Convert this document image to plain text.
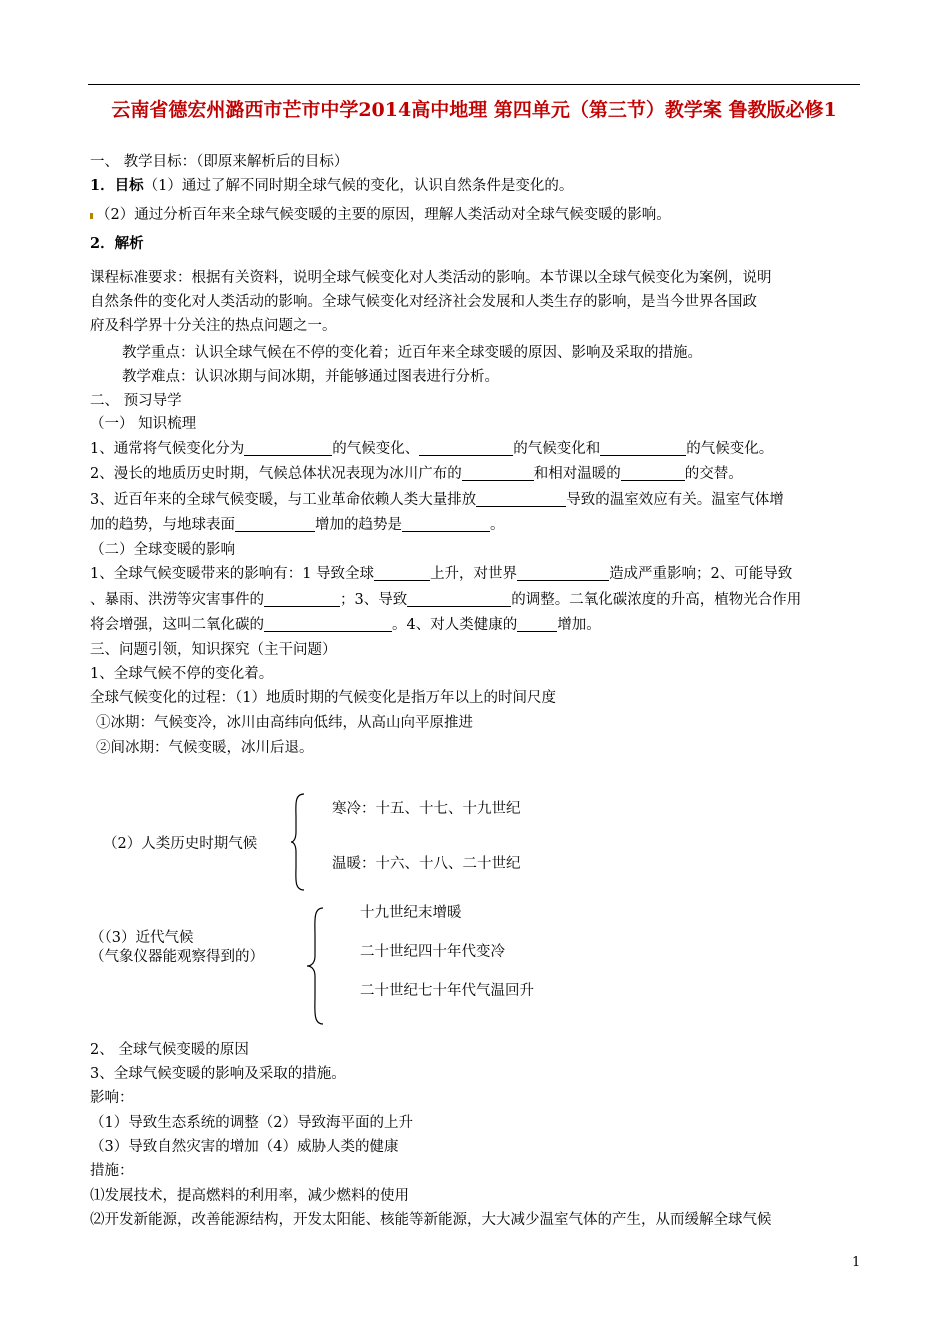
云南省德宏州潞西市芒市中学2014高中地理 第四单元（第三节）教学案 鲁教版必修1
一、 教学目标：（即原来解析后的目标）
1．目标（1）通过了解不同时期全球气候的变化，认识自然条件是变化的。
（2）通过分析百年来全球气候变暖的主要的原因，理解人类活动对全球气候变暖的影响。
2．解析
课程标准要求：根据有关资料，说明全球气候变化对人类活动的影响。本节课以全球气候变化为案例，说明
自然条件的变化对人类活动的影响。全球气候变化对经济社会发展和人类生存的影响，是当今世界各国政
府及科学界十分关注的热点问题之一。
教学重点：认识全球气候在不停的变化着；近百年来全球变暖的原因、影响及采取的措施。
教学难点：认识冰期与间冰期，并能够通过图表进行分析。
二、 预习导学
（一） 知识梳理
1、通常将气候变化分为	的气候变化、	的气候变化和	的气候变化。
2、漫长的地质历史时期，气候总体状况表现为冰川广布的	和相对温暖的	的交替。
3、近百年来的全球气候变暖，与工业革命依赖人类大量排放	导致的温室效应有关。温室气体增
加的趋势，与地球表面	增加的趋势是	。
（二）全球变暖的影响
1、全球气候变暖带来的影响有：1 导致全球	上升，对世界	造成严重影响；2、可能导致
、暴雨、洪涝等灾害事件的	；3、导致	的调整。二氧化碳浓度的升高，植物光合作用
将会增强，这叫二氧化碳的	。4、对人类健康的	增加。
三、问题引领，知识探究（主干问题）
1、全球气候不停的变化着。
全球气候变化的过程：（1）地质时期的气候变化是指万年以上的时间尺度
①冰期：气候变冷，冰川由高纬向低纬，从高山向平原推进
②间冰期：气候变暖，冰川后退。
（2）人类历史时期气候
寒冷：十五、十七、十九世纪
温暖：十六、十八、二十世纪
（（3）近代气候
（气象仪器能观察得到的）
十九世纪末增暖
二十世纪四十年代变冷
二十世纪七十年代气温回升
2、 全球气候变暖的原因
3、全球气候变暖的影响及采取的措施。
影响：
（1）导致生态系统的调整（2）导致海平面的上升
（3）导致自然灾害的增加（4）威胁人类的健康
措施：
⑴发展技术，提高燃料的利用率，减少燃料的使用
⑵开发新能源，改善能源结构，开发太阳能、核能等新能源，大大减少温室气体的产生，从而缓解全球气候
1
